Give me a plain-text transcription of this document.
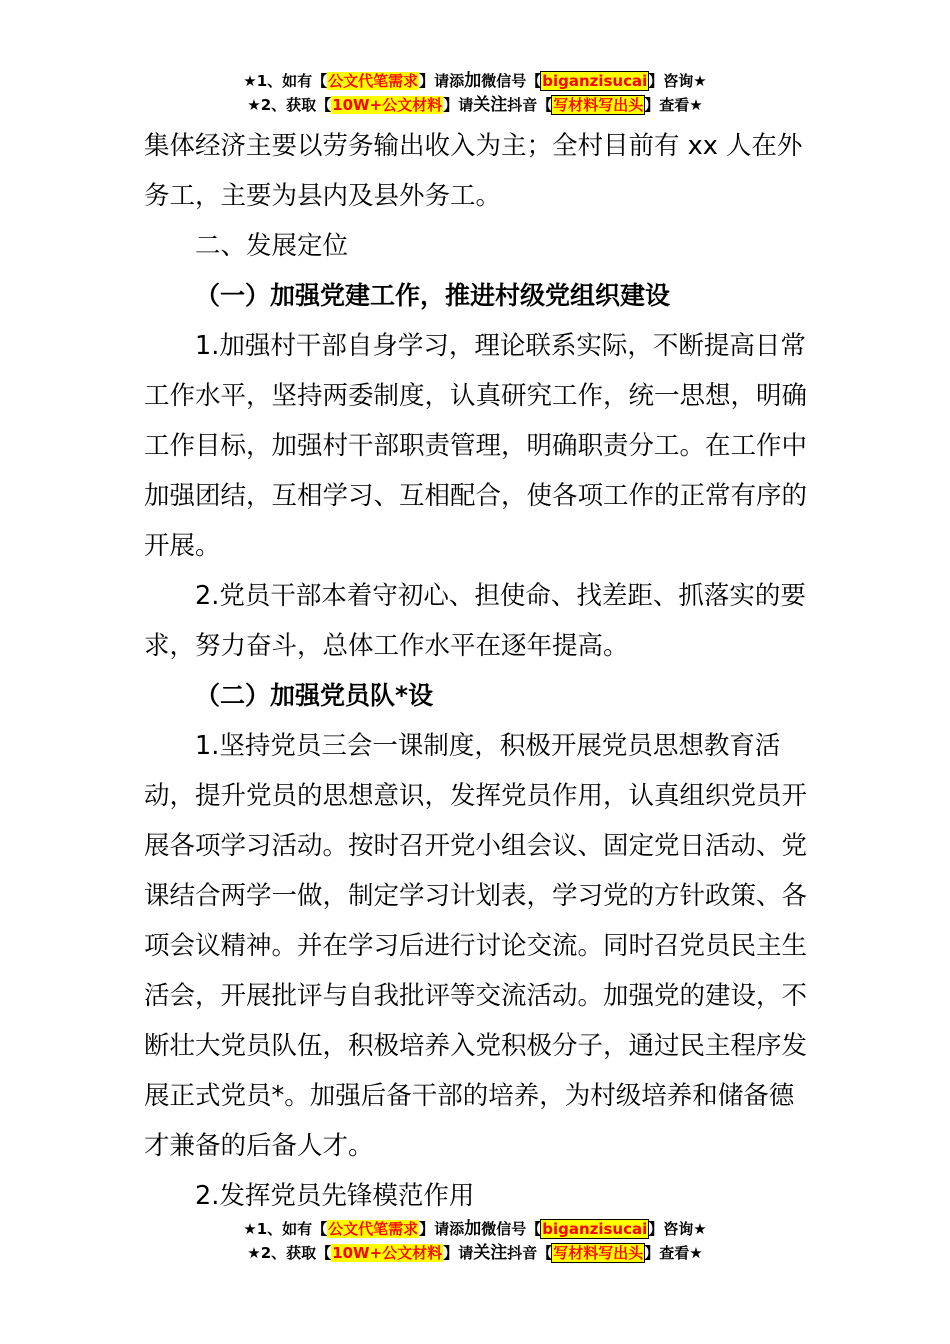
★1、如有【公文代笔需求】请添加微信号【biganzisucai】咨询★
★2、获取【10W+公文材料】请关注抖音【写材料写出头】查看★

集体经济主要以劳务输出收入为主；全村目前有 xx 人在外

务工，主要为县内及县外务工。

二、发展定位

（一）加强党建工作，推进村级党组织建设

1.加强村干部自身学习，理论联系实际，不断提高日常工作水平，坚持两委制度，认真研究工作，统一思想，明确工作目标，加强村干部职责管理，明确职责分工。在工作中加强团结，互相学习、互相配合，使各项工作的正常有序的开展。

2.党员干部本着守初心、担使命、找差距、抓落实的要求，努力奋斗，总体工作水平在逐年提高。

（二）加强党员队*设

1.坚持党员三会一课制度，积极开展党员思想教育活动，提升党员的思想意识，发挥党员作用，认真组织党员开展各项学习活动。按时召开党小组会议、固定党日活动、党课结合两学一做，制定学习计划表，学习党的方针政策、各项会议精神。并在学习后进行讨论交流。同时召党员民主生活会，开展批评与自我批评等交流活动。加强党的建设，不断壮大党员队伍，积极培养入党积极分子，通过民主程序发展正式党员*。加强后备干部的培养，为村级培养和储备德才兼备的后备人才。

2.发挥党员先锋模范作用

★1、如有【公文代笔需求】请添加微信号【biganzisucai】咨询★
★2、获取【10W+公文材料】请关注抖音【写材料写出头】查看★
